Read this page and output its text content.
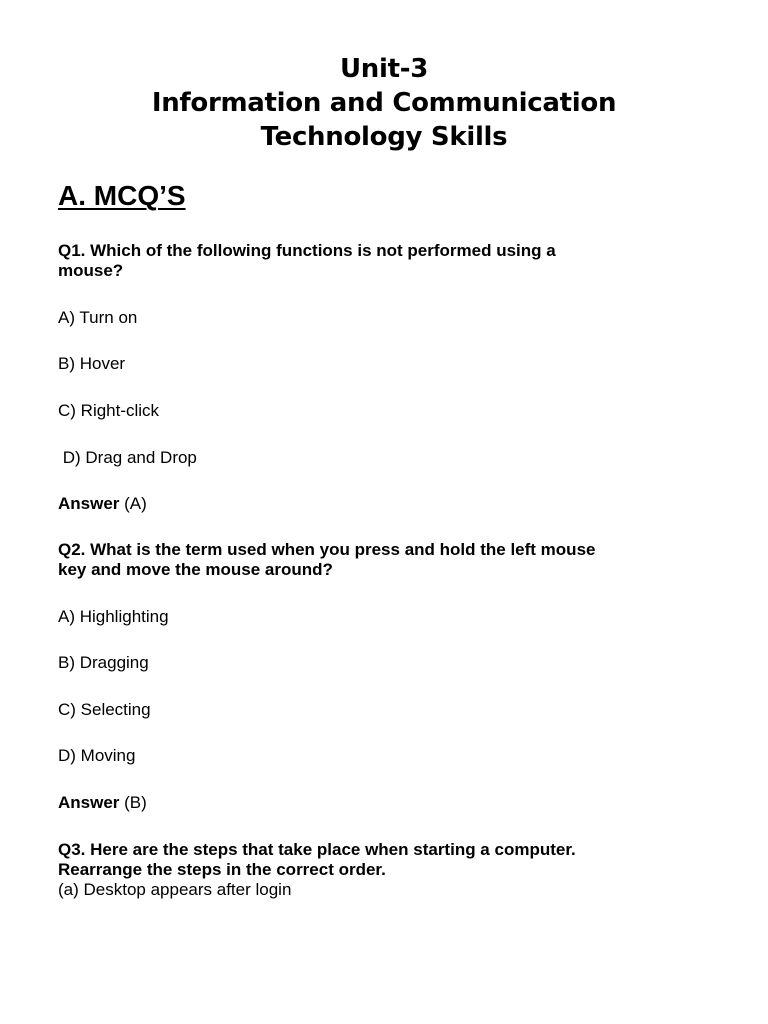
Unit-3
Information and Communication
Technology Skills
A. MCQ’S
Q1. Which of the following functions is not performed using a
mouse?
A) Turn on
B) Hover
C) Right-click
D) Drag and Drop
Answer (A)
Q2. What is the term used when you press and hold the left mouse
key and move the mouse around?
A) Highlighting
B) Dragging
C) Selecting
D) Moving
Answer (B)
Q3. Here are the steps that take place when starting a computer.
Rearrange the steps in the correct order.
(a) Desktop appears after login
